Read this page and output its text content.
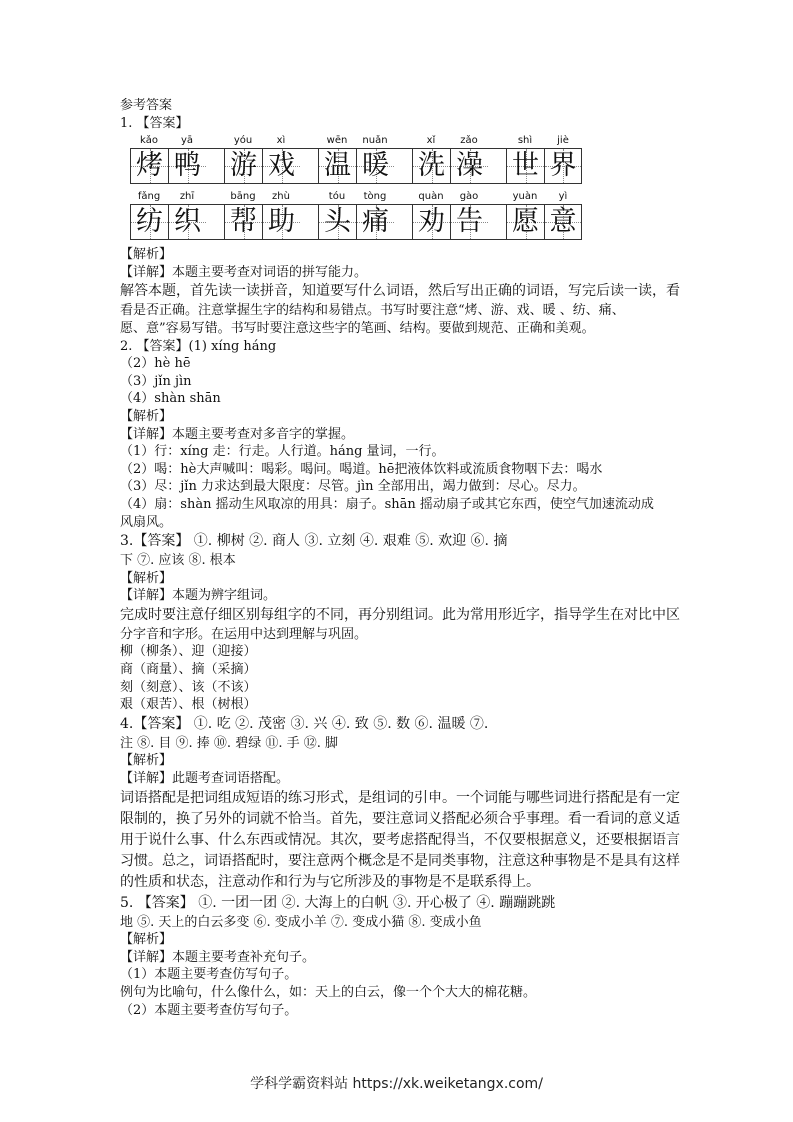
参考答案
1. 【答案】
kǎo	yā
烤 鸭
yóu	xì
游 戏
wēn	nuǎn
温 暖
xǐ	zǎo
洗 澡
shì	jiè
世 界
fǎng	zhī
纺 织
bāng	zhù
帮 助
tóu	tòng
头 痛
quàn	gào
劝 告
yuàn	yì
愿 意
【解析】
【详解】本题主要考查对词语的拼写能力。
解答本题，首先读一读拼音，知道要写什么词语，然后写出正确的词语，写完后读一读，看
看是否正确。注意掌握生字的结构和易错点。书写时要注意“烤、游、戏、暖 、纺、痛、
愿、意”容易写错。书写时要注意这些字的笔画、结构。要做到规范、正确和美观。
2. 【答案】(1) xíng háng
（2）hè hē
（3）jǐn jìn
（4）shàn shān
【解析】
【详解】本题主要考查对多音字的掌握。
（1）行：xíng 走：行走。人行道。háng 量词，一行。
（2）喝：hè大声喊叫：喝彩。喝问。喝道。hē把液体饮料或流质食物咽下去：喝水
（3）尽：jǐn 力求达到最大限度：尽管。jìn 全部用出，竭力做到：尽心。尽力。
（4）扇：shàn 摇动生风取凉的用具：扇子。shān 摇动扇子或其它东西，使空气加速流动成
风扇风。
3.【答案】 ①. 柳树 ②. 商人 ③. 立刻 ④. 艰难 ⑤. 欢迎 ⑥. 摘
下 ⑦. 应该 ⑧. 根本
【解析】
【详解】本题为辨字组词。
完成时要注意仔细区别每组字的不同，再分别组词。此为常用形近字，指导学生在对比中区
分字音和字形。在运用中达到理解与巩固。
柳（柳条）、迎（迎接）
商（商量）、摘（采摘）
刻（刻意）、该（不该）
艰（艰苦）、根（树根）
4.【答案】 ①. 吃 ②. 茂密 ③. 兴 ④. 致 ⑤. 数 ⑥. 温暖 ⑦.
注 ⑧. 目 ⑨. 捧 ⑩. 碧绿 ⑪. 手 ⑫. 脚
【解析】
【详解】此题考查词语搭配。
词语搭配是把词组成短语的练习形式，是组词的引申。一个词能与哪些词进行搭配是有一定
限制的，换了另外的词就不恰当。首先，要注意词义搭配必须合乎事理。看一看词的意义适
用于说什么事、什么东西或情况。其次，要考虑搭配得当，不仅要根据意义，还要根据语言
习惯。总之，词语搭配时，要注意两个概念是不是同类事物，注意这种事物是不是具有这样
的性质和状态，注意动作和行为与它所涉及的事物是不是联系得上。
5. 【答案】 ①. 一团一团 ②. 大海上的白帆 ③. 开心极了 ④. 蹦蹦跳跳
地 ⑤. 天上的白云多变 ⑥. 变成小羊 ⑦. 变成小猫 ⑧. 变成小鱼
【解析】
【详解】本题主要考查补充句子。
（1）本题主要考查仿写句子。
例句为比喻句，什么像什么，如：天上的白云，像一个个大大的棉花糖。
（2）本题主要考查仿写句子。
学科学霸资料站 https://xk.weiketangx.com/
